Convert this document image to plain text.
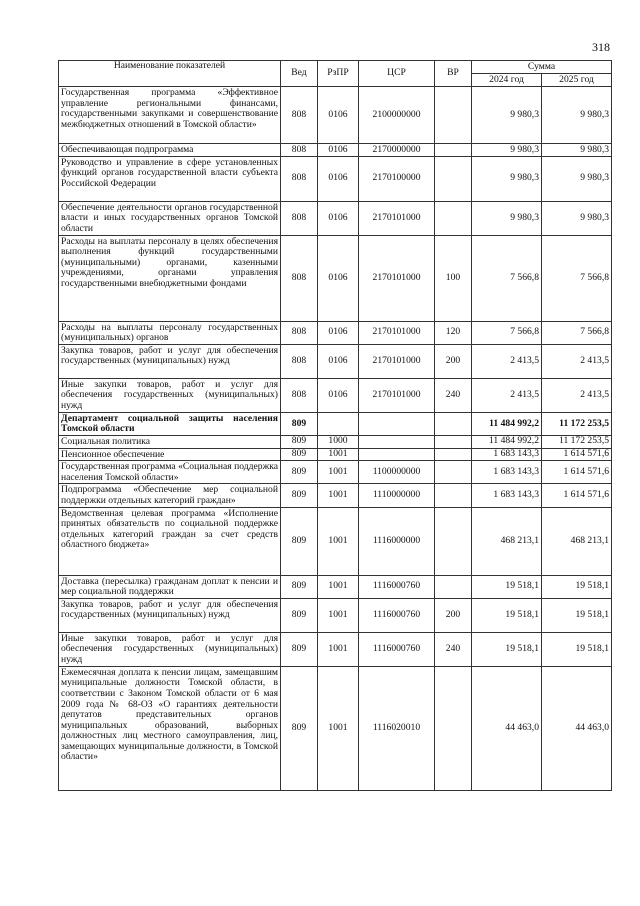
318
Наименование показателей	Вед	РзПР	ЦСР	ВР	Сумма	
					2024 год	2025 год
Государственная программа «Эффективное управление региональными финансами, государственными закупками и совершенствование межбюджетных отношений в Томской области»	808	0106	2100000000		9 980,3	9 980,3
Обеспечивающая подпрограмма	808	0106	2170000000		9 980,3	9 980,3
Руководство и управление в сфере установленных функций органов государственной власти субъекта Российской Федерации	808	0106	2170100000		9 980,3	9 980,3
Обеспечение деятельности органов государственной власти и иных государственных органов Томской области	808	0106	2170101000		9 980,3	9 980,3
Расходы на выплаты персоналу в целях обеспечения выполнения функций государственными (муниципальными) органами, казенными учреждениями, органами управления государственными внебюджетными фондами	808	0106	2170101000	100	7 566,8	7 566,8
Расходы на выплаты персоналу государственных (муниципальных) органов	808	0106	2170101000	120	7 566,8	7 566,8
Закупка товаров, работ и услуг для обеспечения государственных (муниципальных) нужд	808	0106	2170101000	200	2 413,5	2 413,5
Иные закупки товаров, работ и услуг для обеспечения государственных (муниципальных) нужд	808	0106	2170101000	240	2 413,5	2 413,5
Департамент социальной защиты населения Томской области	809				11 484 992,2	11 172 253,5
Социальная политика	809	1000			11 484 992,2	11 172 253,5
Пенсионное обеспечение	809	1001			1 683 143,3	1 614 571,6
Государственная программа «Социальная поддержка населения Томской области»	809	1001	1100000000		1 683 143,3	1 614 571,6
Подпрограмма «Обеспечение мер социальной поддержки отдельных категорий граждан»	809	1001	1110000000		1 683 143,3	1 614 571,6
Ведомственная целевая программа «Исполнение принятых обязательств по социальной поддержке отдельных категорий граждан за счет средств областного бюджета»	809	1001	1116000000		468 213,1	468 213,1
Доставка (пересылка) гражданам доплат к пенсии и мер социальной поддержки	809	1001	1116000760		19 518,1	19 518,1
Закупка товаров, работ и услуг для обеспечения государственных (муниципальных) нужд	809	1001	1116000760	200	19 518,1	19 518,1
Иные закупки товаров, работ и услуг для обеспечения государственных (муниципальных) нужд	809	1001	1116000760	240	19 518,1	19 518,1
Ежемесячная доплата к пенсии лицам, замещавшим муниципальные должности Томской области, в соответствии с Законом Томской области от 6 мая 2009 года № 68-ОЗ «О гарантиях деятельности депутатов представительных органов муниципальных образований, выборных должностных лиц местного самоуправления, лиц, замещающих муниципальные должности, в Томской области»	809	1001	1116020010		44 463,0	44 463,0
